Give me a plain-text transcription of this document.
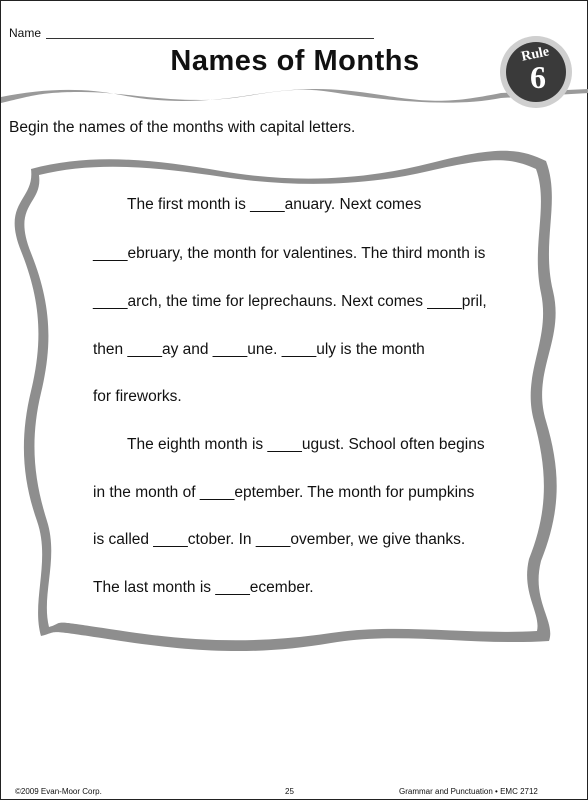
Name
Names of Months	Rule
6
Begin the names of the months with capital letters.
The first month is ____anuary. Next comes
____ebruary, the month for valentines. The third month is
____arch, the time for leprechauns. Next comes ____pril,
then ____ay and ____une. ____uly is the month
for fireworks.
The eighth month is ____ugust. School often begins
in the month of ____eptember. The month for pumpkins
is called ____ctober. In ____ovember, we give thanks.
The last month is ____ecember.
©2009 Evan-Moor Corp.	25	Grammar and Punctuation • EMC 2712
